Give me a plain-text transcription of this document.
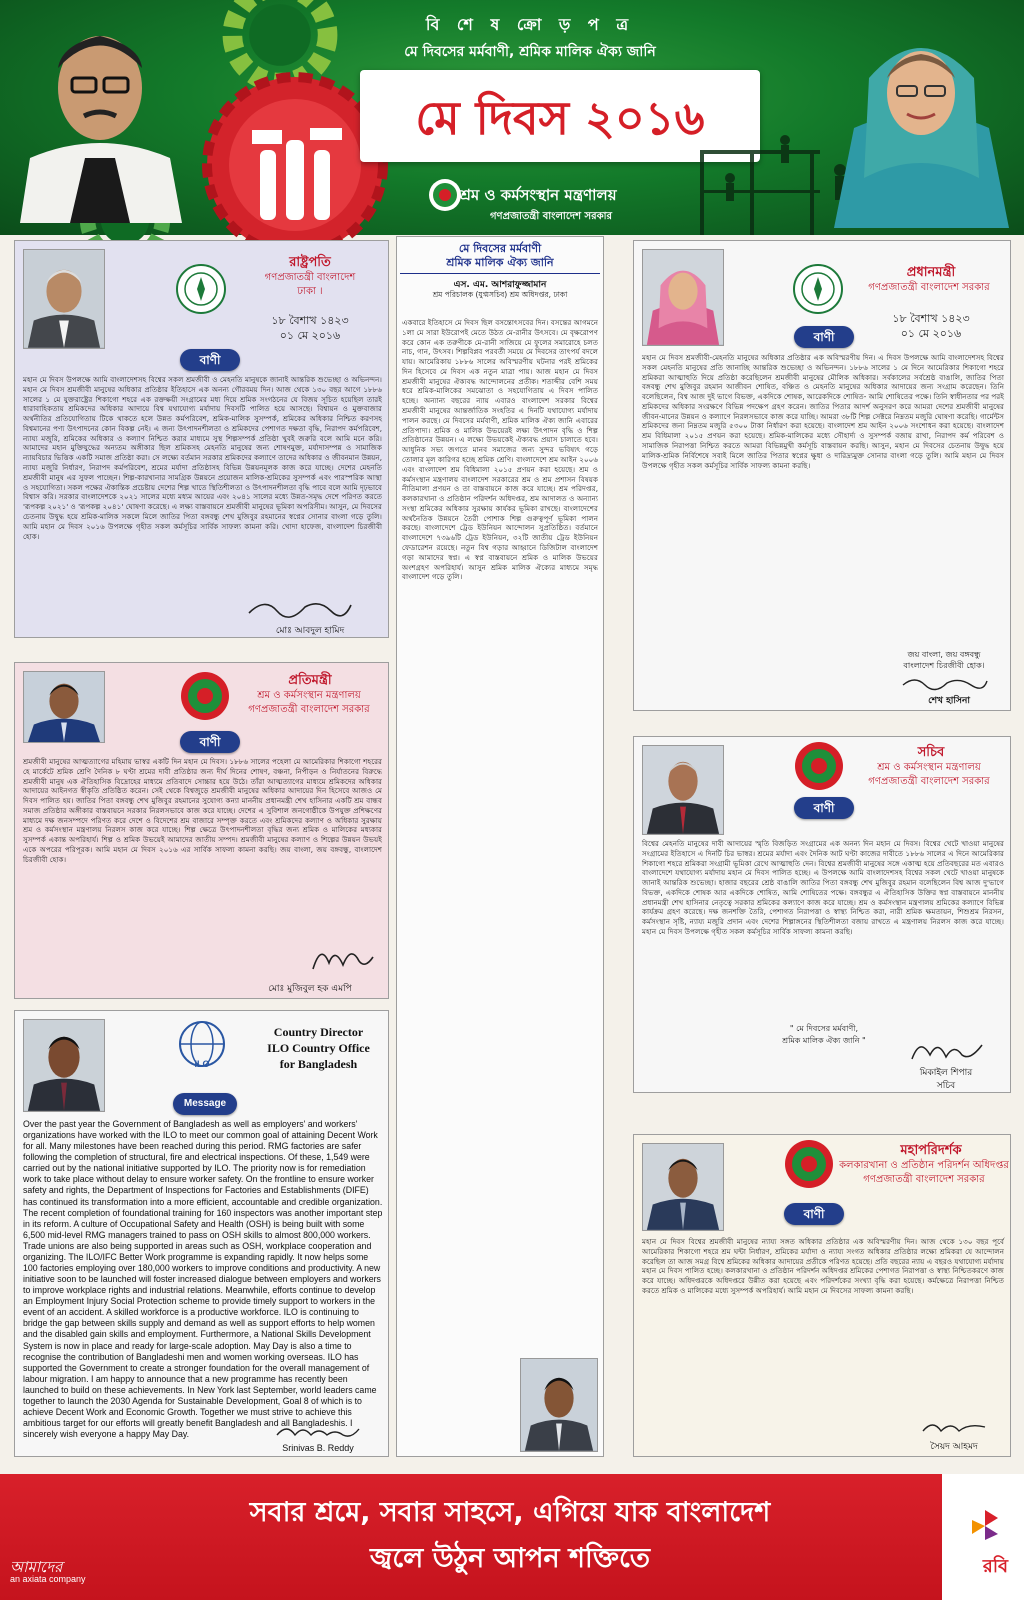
বি শে ষ ক্রো ড় প ত্র
মে দিবসের মর্মবাণী, শ্রমিক মালিক ঐক্য জানি
মে দিবস ২০১৬
শ্রম ও কর্মসংস্থান মন্ত্রণালয়
গণপ্রজাতন্ত্রী বাংলাদেশ সরকার
রাষ্ট্রপতি
গণপ্রজাতন্ত্রী বাংলাদেশ
ঢাকা ।
১৮ বৈশাখ ১৪২৩
০১ মে ২০১৬
বাণী
মহান মে দিবস উপলক্ষে আমি বাংলাদেশসহ বিশ্বের সকল শ্রমজীবী ও মেহনতি মানুষকে জানাই আন্তরিক শুভেচ্ছা ও অভিনন্দন। মহান মে দিবস শ্রমজীবী মানুষের অধিকার প্রতিষ্ঠার ইতিহাসে এক অনন্য গৌরবময় দিন। আজ থেকে ১৩০ বছর আগে ১৮৮৬ সালের ১ মে যুক্তরাষ্ট্রের শিকাগো শহরে এক রক্তক্ষয়ী সংগ্রামের মধ্য দিয়ে শ্রমিক সংগঠনের যে বিজয় সূচিত হয়েছিল তারই ধারাবাহিকতায় শ্রমিকদের অধিকার আদায়ে বিশ্ব যথাযোগ্য মর্যাদায় দিবসটি পালিত হয়ে আসছে। বিশ্বায়ন ও মুক্তবাজার অর্থনীতির প্রতিযোগিতায় টিকে থাকতে হলে উন্নত কর্মপরিবেশ, শ্রমিক-মালিক সুসম্পর্ক, শ্রমিকের অধিকার নিশ্চিত করণসহ বিশ্বমানের পণ্য উৎপাদনের কোন বিকল্প নেই। এ জন্য উৎপাদনশীলতা ও শ্রমিকদের পেশাগত দক্ষতা বৃদ্ধি, নিরাপদ কর্মপরিবেশ, ন্যায্য মজুরি, শ্রমিকের অধিকার ও কল্যাণ নিশ্চিত করার মাধ্যমে সুস্থ শিল্পসম্পর্ক প্রতিষ্ঠা খুবই জরুরি বলে আমি মনে করি। আমাদের মহান মুক্তিযুদ্ধের অন্যতম অঙ্গীকার ছিল শ্রমিকসহ মেহনতি মানুষের জন্য শোষণমুক্ত, মর্যাদাসম্পন্ন ও সামাজিক ন্যায়বিচার ভিত্তিক একটি সমাজ প্রতিষ্ঠা করা। সে লক্ষ্যে বর্তমান সরকার শ্রমিকদের কল্যাণে তাদের অধিকার ও জীবনমান উন্নয়ন, ন্যায্য মজুরি নির্ধারণ, নিরাপদ কর্মপরিবেশ, শ্রমের মর্যাদা প্রতিষ্ঠাসহ বিভিন্ন উন্নয়নমূলক কাজ করে যাচ্ছে। দেশের মেহনতি শ্রমজীবী মানুষ এর সুফল পাচ্ছেন। শিল্প-কারখানার সামগ্রিক উন্নয়নে প্রয়োজন মালিক-শ্রমিকের সুসম্পর্ক এবং পারস্পরিক আস্থা ও সহযোগিতা। সকল পক্ষের ঐকান্তিক প্রচেষ্টায় দেশের শিল্প খাতে স্থিতিশীলতা ও উৎপাদনশীলতা বৃদ্ধি পাবে বলে আমি দৃঢ়ভাবে বিশ্বাস করি। সরকার বাংলাদেশকে ২০২১ সালের মধ্যে মধ্যম আয়ের এবং ২০৪১ সালের মধ্যে উন্নত-সমৃদ্ধ দেশে পরিণত করতে 'রূপকল্প ২০২১' ও 'রূপকল্প ২০৪১' ঘোষণা করেছে। এ লক্ষ্য বাস্তবায়নে শ্রমজীবী মানুষের ভূমিকা অপরিসীম। আসুন, মে দিবসের চেতনায় উদ্বুদ্ধ হয়ে শ্রমিক-মালিক সকলে মিলে জাতির পিতা বঙ্গবন্ধু শেখ মুজিবুর রহমানের স্বপ্নের সোনার বাংলা গড়ে তুলি। আমি মহান মে দিবস ২০১৬ উপলক্ষে গৃহীত সকল কর্মসূচির সার্বিক সাফল্য কামনা করি। খোদা হাফেজ, বাংলাদেশ চিরজীবী হোক।
মোঃ আবদুল হামিদ
প্রতিমন্ত্রী
শ্রম ও কর্মসংস্থান মন্ত্রণালয়
গণপ্রজাতন্ত্রী বাংলাদেশ সরকার
বাণী
শ্রমজীবী মানুষের আত্মত্যাগের মহিমায় ভাস্বর একটি দিন মহান মে দিবস। ১৮৮৬ সালের পহেলা মে আমেরিকার শিকাগো শহরের হে মার্কেটে শ্রমিক শ্রেণি দৈনিক ৮ ঘণ্টা শ্রমের দাবী প্রতিষ্ঠার জন্য দীর্ঘ দিনের শোষণ, বঞ্চনা, নিপীড়ন ও নির্যাতনের বিরুদ্ধে শ্রমজীবী মানুষ এক ঐতিহাসিক বিদ্রোহের মাধ্যমে প্রতিবাদে সোচ্চার হয়ে উঠে। তাঁরা আত্মত্যাগের মাধ্যমে শ্রমিকদের অধিকার আদায়ের আইনগত স্বীকৃতি প্রতিষ্ঠিত করেন। সেই থেকে বিশ্বজুড়ে শ্রমজীবী মানুষের অধিকার আদায়ের দিন হিসেবে আজও মে দিবস পালিত হয়। জাতির পিতা বঙ্গবন্ধু শেখ মুজিবুর রহমানের সুযোগ্য কন্যা মাননীয় প্রধানমন্ত্রী শেখ হাসিনার একটি শ্রম বান্ধব সমাজ প্রতিষ্ঠার অঙ্গীকার বাস্তবায়নে সরকার নিরলসভাবে কাজ করে যাচ্ছে। দেশের এ সুবিশাল জনগোষ্ঠীকে উপযুক্ত প্রশিক্ষণের মাধ্যমে দক্ষ জনসম্পদে পরিণত করে দেশে ও বিদেশের শ্রম বাজারে সম্পৃক্ত করতে এবং শ্রমিকদের কল্যাণ ও অধিকার সুরক্ষায় শ্রম ও কর্মসংস্থান মন্ত্রণালয় নিরলস কাজ করে যাচ্ছে। শিল্প ক্ষেত্রে উৎপাদনশীলতা বৃদ্ধির জন্য শ্রমিক ও মালিকের মধ্যকার সুসম্পর্ক একান্ত অপরিহার্য। শিল্প ও শ্রমিক উভয়েই আমাদের জাতীয় সম্পদ। শ্রমজীবী মানুষের কল্যাণ ও শিল্পের উন্নয়ন উভয়ই একে অপরের পরিপূরক। আমি মহান মে দিবস ২০১৬ এর সার্বিক সাফল্য কামনা করছি। জয় বাংলা, জয় বঙ্গবন্ধু, বাংলাদেশ চিরজীবী হোক।
মোঃ মুজিবুল হক এমপি
ILO
Country Director
ILO Country Office
for Bangladesh
Message
Over the past year the Government of Bangladesh as well as employers' and workers' organizations have worked with the ILO to meet our common goal of attaining Decent Work for all. Many milestones have been reached during this period. RMG factories are safer following the completion of structural, fire and electrical inspections. Of these, 1,549 were carried out by the national initiative supported by ILO. The priority now is for remediation work to take place without delay to ensure worker safety. On the frontline to ensure worker safety and rights, the Department of Inspections for Factories and Establishments (DIFE) has continued its transformation into a more efficient, accountable and credible organization. The recent completion of foundational training for 160 inspectors was another important step in its reform. A culture of Occupational Safety and Health (OSH) is being built with some 6,500 mid-level RMG managers trained to pass on OSH skills to almost 800,000 workers. Trade unions are also being supported in areas such as OSH, workplace cooperation and organizing. The ILO/IFC Better Work programme is expanding rapidly. It now helps some 100 factories employing over 180,000 workers to improve conditions and productivity. A new initiative soon to be launched will foster increased dialogue between employers and workers to improve workplace rights and industrial relations. Meanwhile, efforts continue to develop an Employment Injury Social Protection scheme to provide timely support to workers in the event of an accident. A skilled workforce is a productive workforce. ILO is continuing to bridge the gap between skills supply and demand as well as support efforts to help women and the disabled gain skills and employment. Furthermore, a National Skills Development System is now in place and ready for large-scale adoption. May Day is also a time to recognise the contribution of Bangladeshi men and women working overseas. ILO has supported the Government to create a stronger foundation for the overall management of labour migration. I am happy to announce that a new programme has recently been launched to build on these achievements. In New York last September, world leaders came together to launch the 2030 Agenda for Sustainable Development, Goal 8 of which is to achieve Decent Work and Economic Growth. Together we must strive to achieve this ambitious target for our efforts will greatly benefit Bangladesh and all Bangladeshis. I sincerely wish everyone a happy May Day.
Srinivas B. Reddy
মে দিবসের মর্মবাণী
শ্রমিক মালিক ঐক্য জানি
এস. এম. আশরাফুজ্জামান
শ্রম পরিচালক (যুগ্মসচিব) শ্রম অধিদপ্তর, ঢাকা
একবারে ইতিহাসে মে দিবস ছিল বসন্তোৎসবের দিন। বসন্তের আগমনে ১লা মে সারা ইউরোপই মেতে উঠত মে-রানীর উৎসবে। মে বৃক্ষরোপণ করে কোন এক তরুণীকে মে-রানী সাজিয়ে মে ফুলের সমারোহে চলত নাচ, গান, উৎসব। শিল্পবিপ্লব পরবর্তী সময়ে মে দিবসের তাৎপর্য বদলে যায়। আমেরিকায় ১৮৮৬ সালের অবিস্মরণীয় ঘটনার পরই শ্রমিকের দিন হিসেবে মে দিবস এক নতুন মাত্রা পায়। আজ মহান মে দিবস শ্রমজীবী মানুষের ঐক্যবদ্ধ আন্দোলনের প্রতীক। শতাব্দীর বেশি সময় ধরে শ্রমিক-মালিকের সমঝোতা ও সহযোগিতায় এ দিবস পালিত হচ্ছে। অন্যান্য বছরের ন্যায় এবারও বাংলাদেশ সরকার বিশ্বের শ্রমজীবী মানুষের আন্তর্জাতিক সংহতির এ দিনটি যথাযোগ্য মর্যাদায় পালন করছে। মে দিবসের মর্মবাণী, শ্রমিক মালিক ঐক্য জানি এবারের প্রতিপাদ্য। শ্রমিক ও মালিক উভয়েরই লক্ষ্য উৎপাদন বৃদ্ধি ও শিল্প প্রতিষ্ঠানের উন্নয়ন। এ লক্ষ্যে উভয়কেই ঐক্যবদ্ধ প্রয়াস চালাতে হবে। আধুনিক সভ্য জগতে মানব সমাজের জন্য সুন্দর ভবিষ্যৎ গড়ে তোলার মূল কারিগর হচ্ছে শ্রমিক শ্রেণি। বাংলাদেশে শ্রম আইন ২০০৬ এবং বাংলাদেশ শ্রম বিধিমালা ২০১৫ প্রণয়ন করা হয়েছে। শ্রম ও কর্মসংস্থান মন্ত্রণালয় বাংলাদেশ সরকারের শ্রম ও শ্রম প্রশাসন বিষয়ক নীতিমালা প্রণয়ন ও তা বাস্তবায়নে কাজ করে যাচ্ছে। শ্রম পরিদপ্তর, কলকারখানা ও প্রতিষ্ঠান পরিদর্শন অধিদপ্তর, শ্রম আদালত ও অন্যান্য সংস্থা শ্রমিকের অধিকার সুরক্ষায় কার্যকর ভূমিকা রাখছে। বাংলাদেশের অর্থনৈতিক উন্নয়নে তৈরী পোশাক শিল্প গুরুত্বপূর্ণ ভূমিকা পালন করছে। বাংলাদেশে ট্রেড ইউনিয়ন আন্দোলন সুপ্রতিষ্ঠিত। বর্তমানে বাংলাদেশে ৭৩৯৬টি ট্রেড ইউনিয়ন, ৩২টি জাতীয় ট্রেড ইউনিয়ন ফেডারেশন রয়েছে। নতুন বিশ্ব গড়ার আহ্বানে ডিজিটাল বাংলাদেশ গড়া আমাদের স্বপ্ন। এ স্বপ্ন বাস্তবায়নে শ্রমিক ও মালিক উভয়ের অংশগ্রহণ অপরিহার্য। আসুন শ্রমিক মালিক ঐক্যের মাধ্যমে সমৃদ্ধ বাংলাদেশ গড়ে তুলি।
প্রধানমন্ত্রী
গণপ্রজাতন্ত্রী বাংলাদেশ সরকার
১৮ বৈশাখ ১৪২৩
০১ মে ২০১৬
বাণী
মহান মে দিবস শ্রমজীবী-মেহনতি মানুষের অধিকার প্রতিষ্ঠার এক অবিস্মরণীয় দিন। এ দিবস উপলক্ষে আমি বাংলাদেশসহ বিশ্বের সকল মেহনতি মানুষের প্রতি জানাচ্ছি আন্তরিক শুভেচ্ছা ও অভিনন্দন। ১৮৮৬ সালের ১ মে দিনে আমেরিকার শিকাগো শহরে শ্রমিকরা আত্মাহুতি দিয়ে প্রতিষ্ঠা করেছিলেন শ্রমজীবী মানুষের মৌলিক অধিকার। সর্বকালের সর্বশ্রেষ্ঠ বাঙালি, জাতির পিতা বঙ্গবন্ধু শেখ মুজিবুর রহমান আজীবন শোষিত, বঞ্চিত ও মেহনতি মানুষের অধিকার আদায়ের জন্য সংগ্রাম করেছেন। তিনি বলেছিলেন, বিশ্ব আজ দুই ভাগে বিভক্ত, একদিকে শোষক, আরেকদিকে শোষিত- আমি শোষিতের পক্ষে। তিনি স্বাধীনতার পর পরই শ্রমিকদের অধিকার সংরক্ষণে বিভিন্ন পদক্ষেপ গ্রহণ করেন। জাতির পিতার আদর্শ অনুসরণ করে আমরা দেশের শ্রমজীবী মানুষের জীবন-মানের উন্নয়ন ও কল্যাণে নিরলসভাবে কাজ করে যাচ্ছি। আমরা ৩৮টি শিল্প সেক্টরে নিম্নতম মজুরি ঘোষণা করেছি। গার্মেন্টস শ্রমিকদের জন্য নিম্নতম মজুরি ৫৩০০ টাকা নির্ধারণ করা হয়েছে। বাংলাদেশ শ্রম আইন ২০০৬ সংশোধন করা হয়েছে। বাংলাদেশ শ্রম বিধিমালা ২০১৫ প্রণয়ন করা হয়েছে। শ্রমিক-মালিকের মধ্যে সৌহার্দ্য ও সুসম্পর্ক বজায় রাখা, নিরাপদ কর্ম পরিবেশ ও সামাজিক নিরাপত্তা নিশ্চিত করতে আমরা বিভিন্নমুখী কর্মসূচি বাস্তবায়ন করছি। আসুন, মহান মে দিবসের চেতনায় উদ্বুদ্ধ হয়ে মালিক-শ্রমিক নির্বিশেষে সবাই মিলে জাতির পিতার স্বপ্নের ক্ষুধা ও দারিদ্র্যমুক্ত সোনার বাংলা গড়ে তুলি। আমি মহান মে দিবস উপলক্ষে গৃহীত সকল কর্মসূচির সার্বিক সাফল্য কামনা করছি।
জয় বাংলা, জয় বঙ্গবন্ধু
বাংলাদেশ চিরজীবী হোক।
শেখ হাসিনা
সচিব
শ্রম ও কর্মসংস্থান মন্ত্রণালয়
গণপ্রজাতন্ত্রী বাংলাদেশ সরকার
বাণী
বিশ্বের মেহনতি মানুষের দাবী আদায়ের স্মৃতি বিজড়িত সংগ্রামের এক অনন্য দিন মহান মে দিবস। বিশ্বের খেটে খাওয়া মানুষের সংগ্রামের ইতিহাসে এ দিনটি চির ভাস্বর। শ্রমের মর্যাদা এবং দৈনিক আট ঘণ্টা কাজের দাবীতে ১৮৮৬ সালের এ দিনে আমেরিকার শিকাগো শহরে শ্রমিকরা সংগ্রামী ভূমিকা রেখে আত্মাহুতি দেন। বিশ্বের শ্রমজীবী মানুষের সঙ্গে একাত্ম হয়ে প্রতিবছরের মত এবারও বাংলাদেশে যথাযোগ্য মর্যাদায় মহান মে দিবস পালিত হচ্ছে। এ উপলক্ষে আমি বাংলাদেশসহ বিশ্বের সকল খেটে খাওয়া মানুষকে জানাই আন্তরিক শুভেচ্ছা। হাজার বছরের শ্রেষ্ঠ বাঙালি জাতির পিতা বঙ্গবন্ধু শেখ মুজিবুর রহমান বলেছিলেন বিশ্ব আজ দু'ভাগে বিভক্ত, একদিকে শোষক আর একদিকে শোষিত, আমি শোষিতের পক্ষে। বঙ্গবন্ধুর এ ঐতিহাসিক উক্তির স্বপ্ন বাস্তবায়নে মাননীয় প্রধানমন্ত্রী শেখ হাসিনার নেতৃত্বে সরকার শ্রমিকের কল্যাণে কাজ করে যাচ্ছে। শ্রম ও কর্মসংস্থান মন্ত্রণালয় শ্রমিকের কল্যাণে বিভিন্ন কার্যক্রম গ্রহণ করেছে। দক্ষ জনশক্তি তৈরি, পেশাগত নিরাপত্তা ও স্বাস্থ্য নিশ্চিত করা, নারী শ্রমিক ক্ষমতায়ন, শিশুশ্রম নিরসন, কর্মসংস্থান সৃষ্টি, ন্যায্য মজুরি প্রদান এবং দেশের শিল্পাঙ্গনের স্থিতিশীলতা বজায় রাখতে এ মন্ত্রণালয় নিরলস কাজ করে যাচ্ছে। মহান মে দিবস উপলক্ষে গৃহীত সকল কর্মসূচির সার্বিক সাফল্য কামনা করছি।
" মে দিবসের মর্মবাণী,
শ্রমিক মালিক ঐক্য জানি "
মিকাইল শিপার
সচিব
মহাপরিদর্শক
কলকারখানা ও প্রতিষ্ঠান পরিদর্শন অধিদপ্তর
গণপ্রজাতন্ত্রী বাংলাদেশ সরকার
বাণী
মহান মে দিবস বিশ্বের শ্রমজীবী মানুষের ন্যায্য সঙ্গত অধিকার প্রতিষ্ঠার এক অবিস্মরণীয় দিন। আজ থেকে ১৩০ বছর পূর্বে আমেরিকার শিকাগো শহরে শ্রম ঘন্টা নির্ধারণ, শ্রমিকের মর্যাদা ও ন্যায্য সংগত অধিকার প্রতিষ্ঠার লক্ষ্যে শ্রমিকরা যে আন্দোলন করেছিল তা আজ সমগ্র বিশ্বে শ্রমিকের অধিকার আদায়ের প্রতীকে পরিণত হয়েছে। প্রতি বছরের ন্যায় এ বছরও যথাযোগ্য মর্যাদায় মহান মে দিবস পালিত হচ্ছে। কলকারখানা ও প্রতিষ্ঠান পরিদর্শন অধিদপ্তর শ্রমিকের পেশাগত নিরাপত্তা ও স্বাস্থ্য নিশ্চিতকরণে কাজ করে যাচ্ছে। অধিদপ্তরকে অধিদপ্তরে উন্নীত করা হয়েছে এবং পরিদর্শকের সংখ্যা বৃদ্ধি করা হয়েছে। কর্মক্ষেত্রে নিরাপত্তা নিশ্চিত করতে শ্রমিক ও মালিকের মধ্যে সুসম্পর্ক অপরিহার্য। আমি মহান মে দিবসের সাফল্য কামনা করছি।
সৈয়দ আহমদ
আমাদের
an axiata company
সবার শ্রমে, সবার সাহসে, এগিয়ে যাক বাংলাদেশ
জ্বলে উঠুন আপন শক্তিতে	রবি
